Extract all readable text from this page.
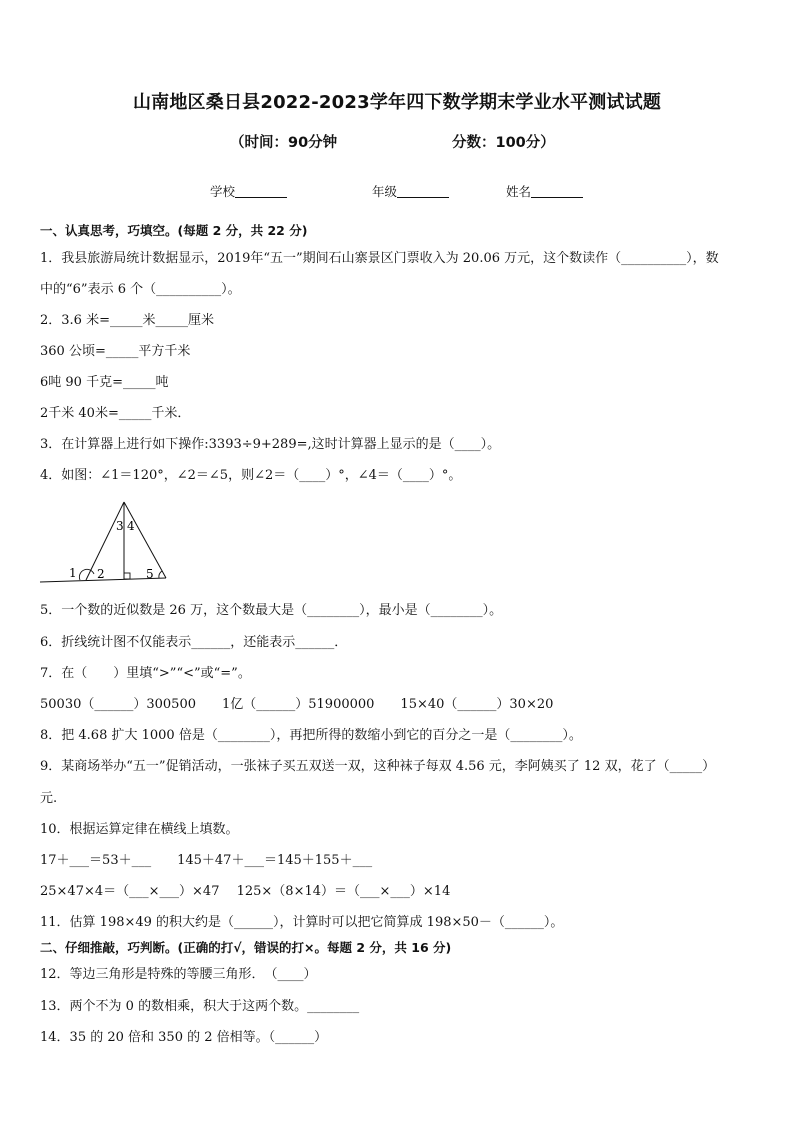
山南地区桑日县2022-2023学年四下数学期末学业水平测试试题
（时间：90分钟	分数：100分）
学校	年级	姓名
一、认真思考，巧填空。(每题 2 分，共 22 分)
1．我县旅游局统计数据显示，2019年“五一”期间石山寨景区门票收入为 20.06 万元，这个数读作（__________），数
中的“6”表示 6 个（__________）。
2．3.6 米=_____米_____厘米
360 公顷=_____平方千米
6吨 90 千克=_____吨
2千米 40米=_____千米．
3．在计算器上进行如下操作:3393÷9+289=,这时计算器上显示的是（____）。
4．如图：∠1＝120°，∠2＝∠5，则∠2＝（____）°，∠4＝（____）°。
1 2
3 4
5
5．一个数的近似数是 26 万，这个数最大是（________），最小是（________）。
6．折线统计图不仅能表示______，还能表示______．
7．在（　　）里填“>”“<”或“=”。
50030（______）300500　　1亿（______）51900000　　15×40（______）30×20
8．把 4.68 扩大 1000 倍是（________），再把所得的数缩小到它的百分之一是（________）。
9．某商场举办“五一”促销活动，一张袜子买五双送一双，这种袜子每双 4.56 元，李阿姨买了 12 双，花了（_____）
元.
10．根据运算定律在横线上填数。
17＋___＝53＋___　　145＋47＋___＝145＋155＋___
25×47×4＝（___×___）×47　 125×（8×14）＝（___×___）×14
11．估算 198×49 的积大约是（______），计算时可以把它简算成 198×50－（______）。
二、仔细推敲，巧判断。(正确的打√，错误的打×。每题 2 分，共 16 分)
12．等边三角形是特殊的等腰三角形．　（____）
13．两个不为 0 的数相乘，积大于这两个数。________
14．35 的 20 倍和 350 的 2 倍相等。（______）
